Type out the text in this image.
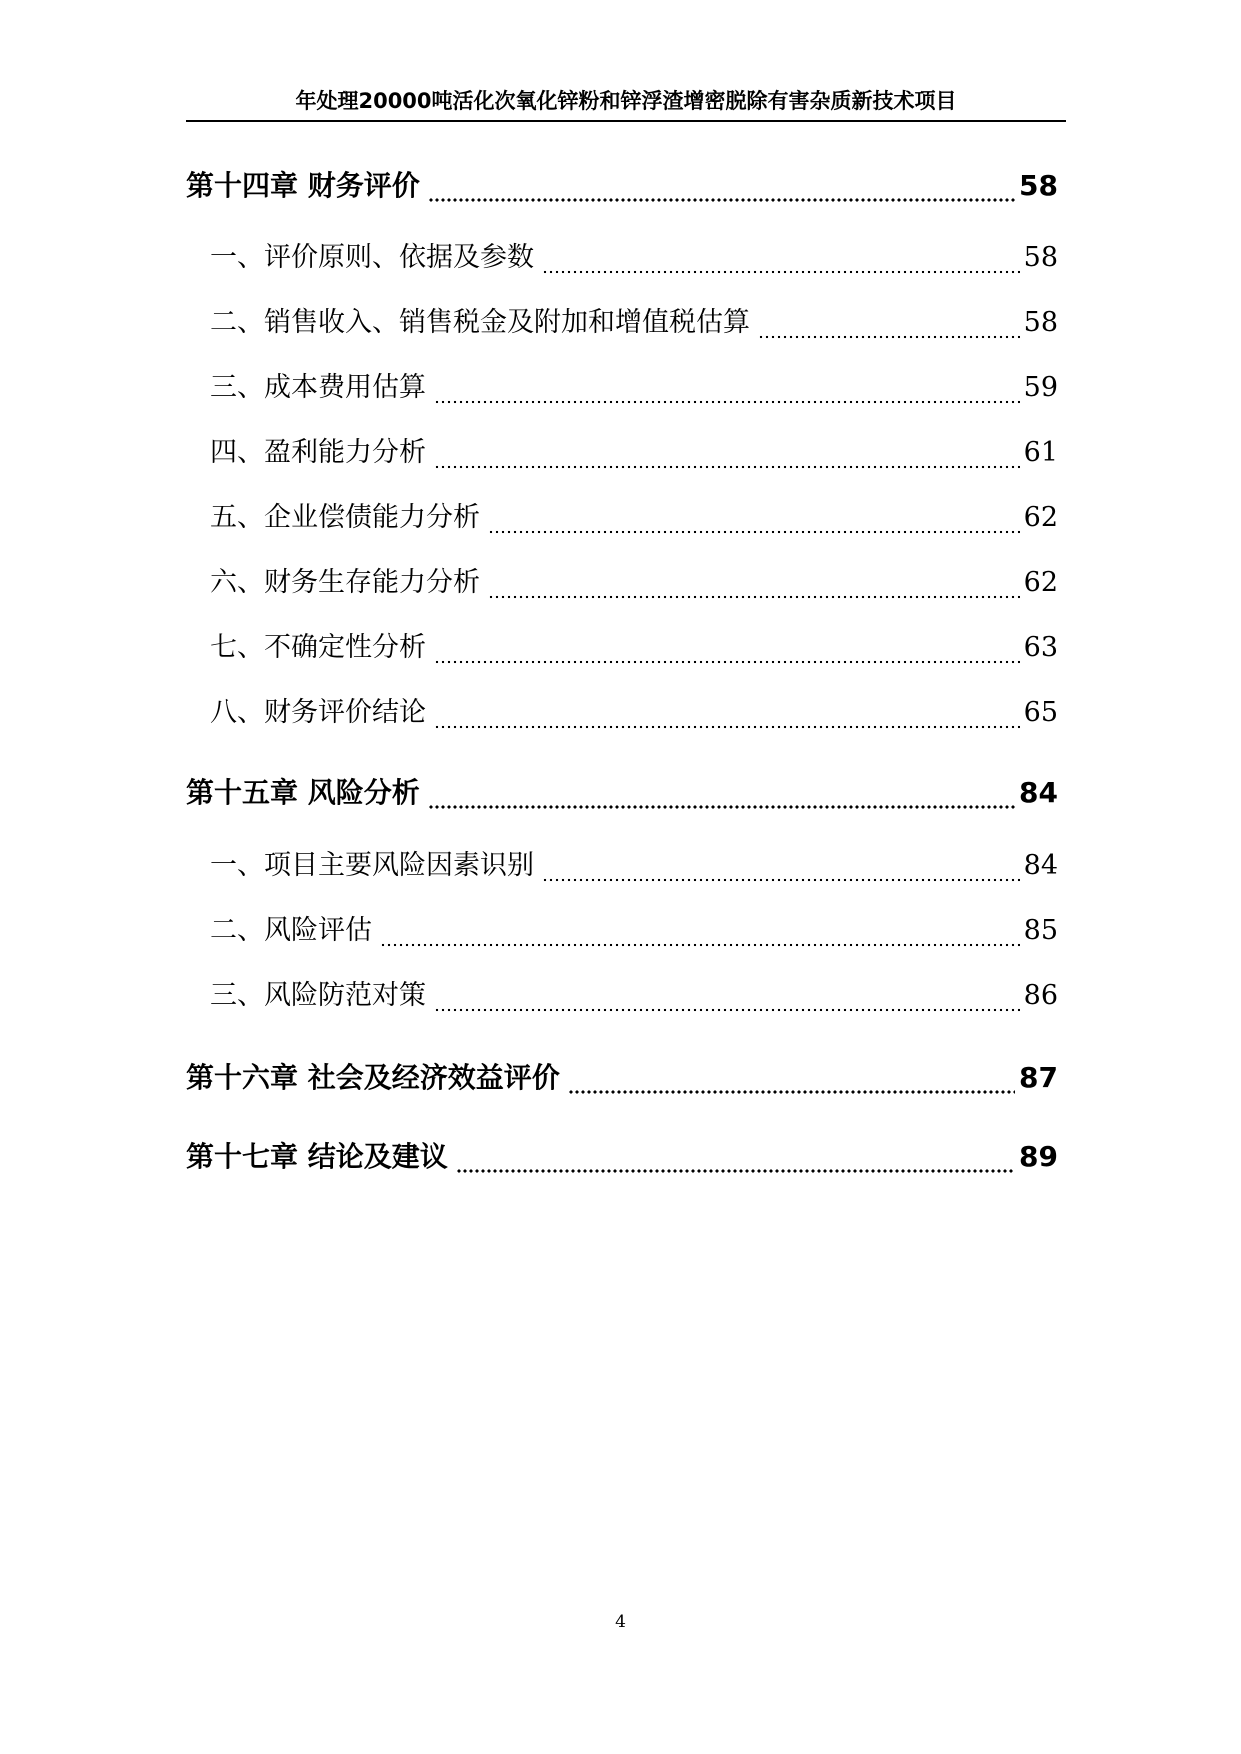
年处理20000吨活化次氧化锌粉和锌浮渣增密脱除有害杂质新技术项目
第十四章 财务评价	58
一、评价原则、依据及参数	58
二、销售收入、销售税金及附加和增值税估算	58
三、成本费用估算	59
四、盈利能力分析	61
五、企业偿债能力分析	62
六、财务生存能力分析	62
七、不确定性分析	63
八、财务评价结论	65
第十五章 风险分析	84
一、项目主要风险因素识别	84
二、风险评估	85
三、风险防范对策	86
第十六章 社会及经济效益评价	87
第十七章 结论及建议	89
4
